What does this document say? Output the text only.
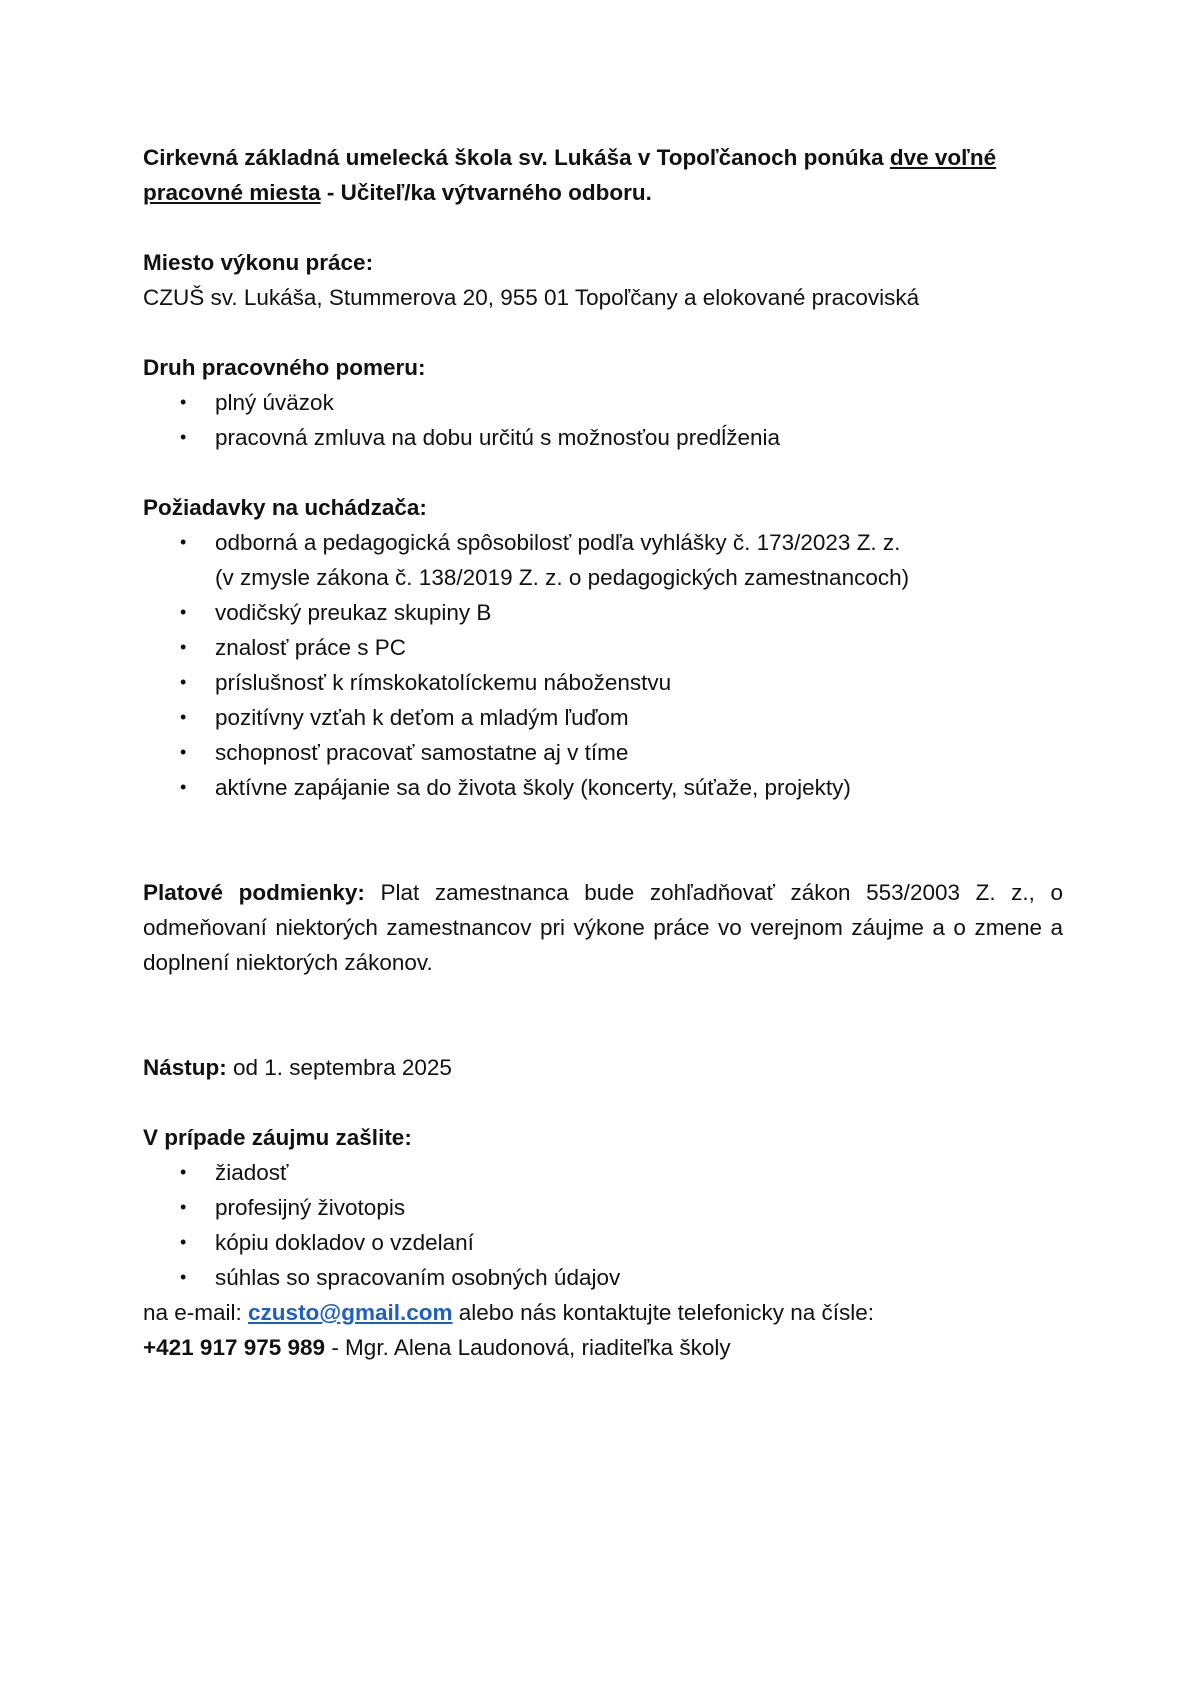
Cirkevná základná umelecká škola sv. Lukáša v Topoľčanoch ponúka dve voľné pracovné miesta - Učiteľ/ka výtvarného odboru.

Miesto výkonu práce:

CZUŠ sv. Lukáša, Stummerova 20, 955 01 Topoľčany a elokované pracoviská

Druh pracovného pomeru:

• plný úväzok
• pracovná zmluva na dobu určitú s možnosťou predĺženia

Požiadavky na uchádzača:

• odborná a pedagogická spôsobilosť podľa vyhlášky č. 173/2023 Z. z.
(v zmysle zákona č. 138/2019 Z. z. o pedagogických zamestnancoch)
• vodičský preukaz skupiny B
• znalosť práce s PC
• príslušnosť k rímskokatolíckemu náboženstvu
• pozitívny vzťah k deťom a mladým ľuďom
• schopnosť pracovať samostatne aj v tíme
• aktívne zapájanie sa do života školy (koncerty, súťaže, projekty)

Platové podmienky: Plat zamestnanca bude zohľadňovať zákon 553/2003 Z. z., o odmeňovaní niektorých zamestnancov pri výkone práce vo verejnom záujme a o zmene a doplnení niektorých zákonov.

Nástup: od 1. septembra 2025

V prípade záujmu zašlite:

• žiadosť
• profesijný životopis
• kópiu dokladov o vzdelaní
• súhlas so spracovaním osobných údajov

na e-mail: czusto@gmail.com alebo nás kontaktujte telefonicky na čísle:

+421 917 975 989 - Mgr. Alena Laudonová, riaditeľka školy
